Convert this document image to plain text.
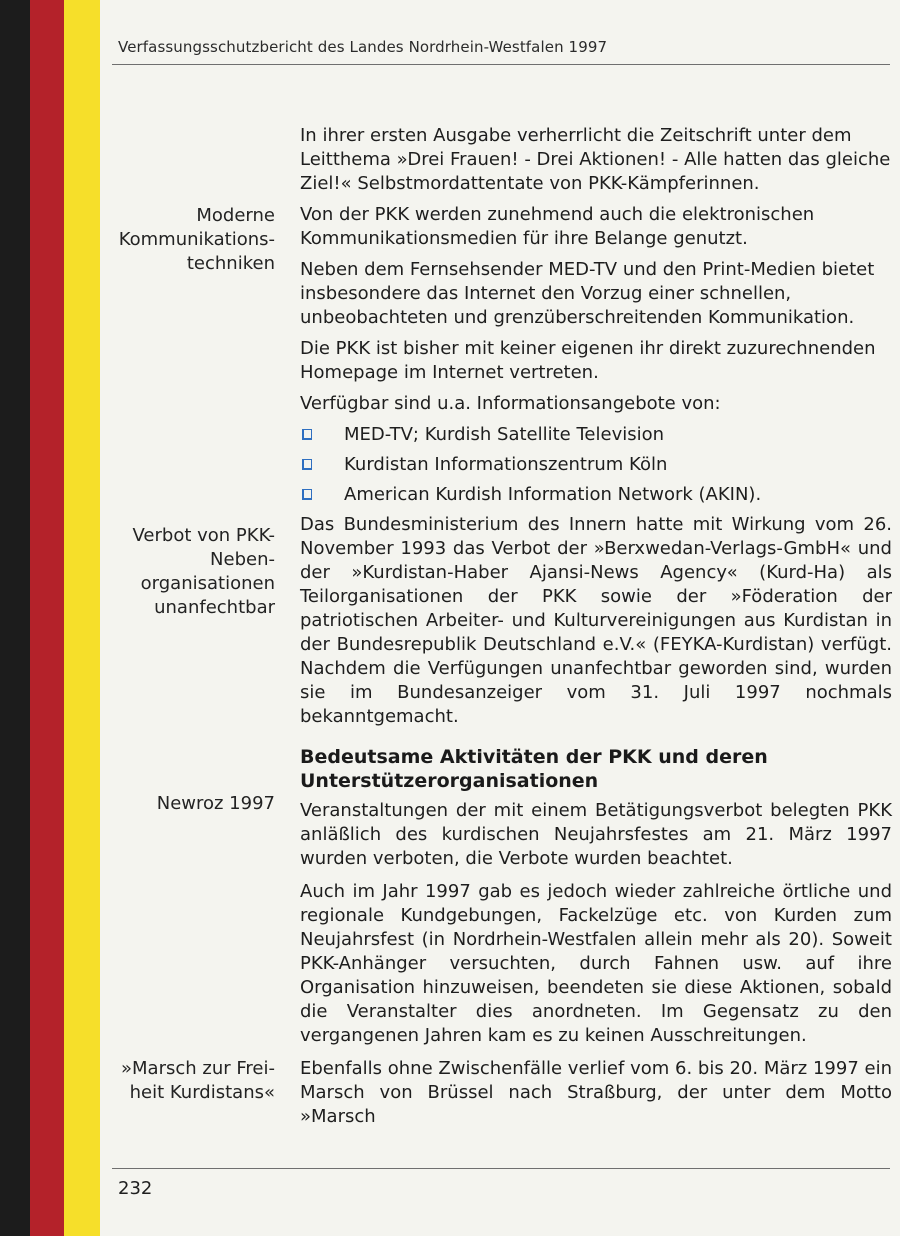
Verfassungsschutzbericht des Landes Nordrhein-Westfalen 1997
Moderne Kommunikations-techniken
Verbot von PKK-Neben-organisationen unanfechtbar
Newroz 1997
»Marsch zur Frei-heit Kurdistans«

In ihrer ersten Ausgabe verherrlicht die Zeitschrift unter dem Leitthema »Drei Frauen! - Drei Aktionen! - Alle hatten das gleiche Ziel!« Selbstmordattentate von PKK-Kämpferinnen.

Von der PKK werden zunehmend auch die elektronischen Kommunikationsmedien für ihre Belange genutzt.

Neben dem Fernsehsender MED-TV und den Print-Medien bietet insbesondere das Internet den Vorzug einer schnellen, unbeobachteten und grenzüberschreitenden Kommunikation.

Die PKK ist bisher mit keiner eigenen ihr direkt zuzurechnenden Homepage im Internet vertreten.

Verfügbar sind u.a. Informationsangebote von:

MED-TV; Kurdish Satellite Television
Kurdistan Informationszentrum Köln
American Kurdish Information Network (AKIN).

Das Bundesministerium des Innern hatte mit Wirkung vom 26. November 1993 das Verbot der »Berxwedan-Verlags-GmbH« und der »Kurdistan-Haber Ajansi-News Agency« (Kurd-Ha) als Teilorganisationen der PKK sowie der »Föderation der patriotischen Arbeiter- und Kulturvereinigungen aus Kurdistan in der Bundesrepublik Deutschland e.V.« (FEYKA-Kurdistan) verfügt. Nachdem die Verfügungen unanfechtbar geworden sind, wurden sie im Bundesanzeiger vom 31. Juli 1997 nochmals bekanntgemacht.

Bedeutsame Aktivitäten der PKK und deren Unterstützerorganisationen

Veranstaltungen der mit einem Betätigungsverbot belegten PKK anläßlich des kurdischen Neujahrsfestes am 21. März 1997 wurden verboten, die Verbote wurden beachtet.

Auch im Jahr 1997 gab es jedoch wieder zahlreiche örtliche und regionale Kundgebungen, Fackelzüge etc. von Kurden zum Neujahrsfest (in Nordrhein-Westfalen allein mehr als 20). Soweit PKK-Anhänger versuchten, durch Fahnen usw. auf ihre Organisation hinzuweisen, beendeten sie diese Aktionen, sobald die Veranstalter dies anordneten. Im Gegensatz zu den vergangenen Jahren kam es zu keinen Ausschreitungen.

Ebenfalls ohne Zwischenfälle verlief vom 6. bis 20. März 1997 ein Marsch von Brüssel nach Straßburg, der unter dem Motto »Marsch

232
